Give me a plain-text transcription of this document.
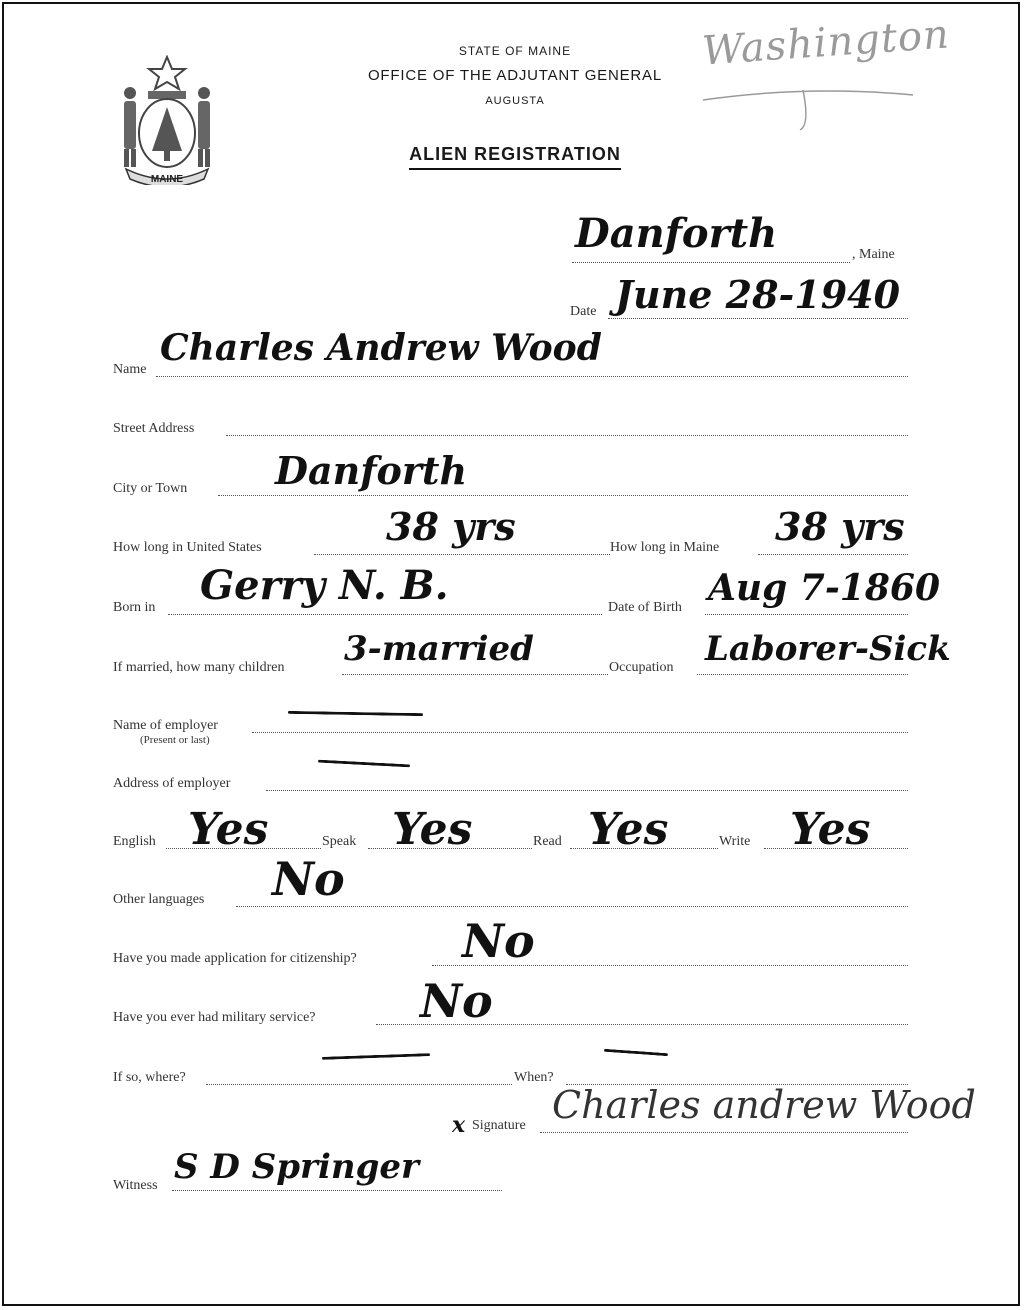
MAINE
STATE OF MAINE
OFFICE OF THE ADJUTANT GENERAL
AUGUSTA
ALIEN REGISTRATION
Washington
Danforth	, Maine
Date June 28-1940
Name
Charles Andrew Wood
Street Address
City or Town Danforth
How long in United States	38 yrs	How long in Maine 38 yrs
Born in Gerry N. B.	Date of Birth Aug 7-1860
If married, how many children 3-married	Occupation Laborer-Sick
Name of employer
(Present or last)
Address of employer
English Yes	Speak Yes	Read Yes	Write Yes
Other languages No
Have you made application for citizenship? No
Have you ever had military service? No
If so, where?	When?
x Signature Charles andrew Wood
Witness S D Springer
